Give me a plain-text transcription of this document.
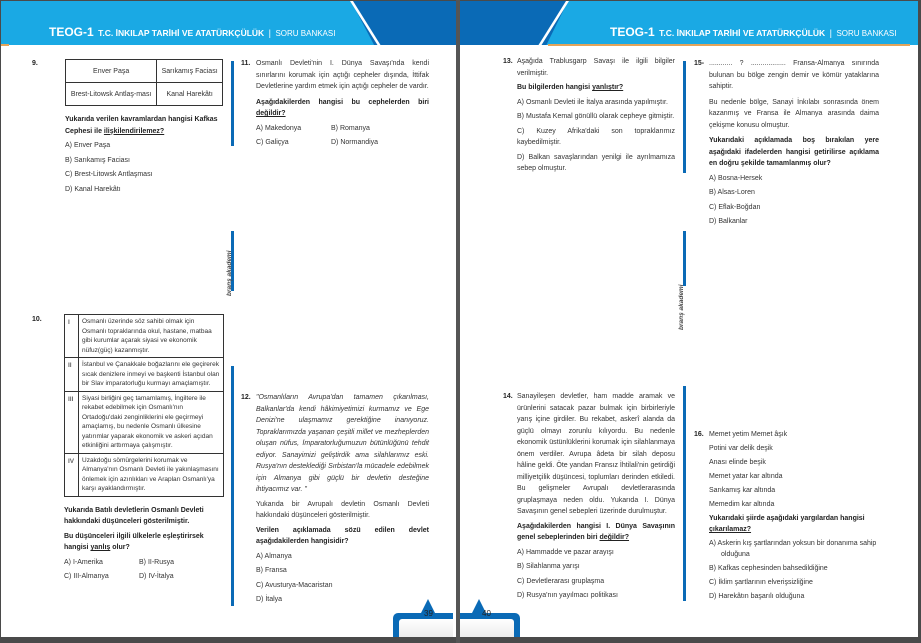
TEOG-1 T.C. İNKILAP TARİHİ VE ATATÜRKÇÜLÜK | SORU BANKASI
9.
Enver Paşa	Sarıkamış Faciası
Brest-Litowsk Antlaş-ması	Kanal Harekâtı
Yukarıda verilen kavramlardan hangisi Kafkas Cephesi ile ilişkilendirilemez?
A) Enver Paşa
B) Sarıkamış Faciası
C) Brest-Litowsk Antlaşması
D) Kanal Harekâtı
branş akademi
10.	I	Osmanlı üzerinde söz sahibi olmak için Osmanlı topraklarında okul, hastane, matbaa gibi kurumlar açarak siyasi ve ekonomik nüfuz(güç) kazanmıştır.
II	İstanbul ve Çanakkale boğazlarını ele geçirerek sıcak denizlere inmeyi ve başkenti İstanbul olan bir Slav imparatorluğu kurmayı amaçlamıştır.
III	Siyasi birliğini geç tamamlamış, İngiltere ile rekabet edebilmek için Osmanlı'nın Ortadoğu'daki zenginliklerini ele geçirmeyi amaçlamış, bu nedenle Osmanlı ülkesine yatırımlar yaparak ekonomik ve askeri açıdan etkinliğini arttırmaya çalışmıştır.
IV	Uzakdoğu sömürgelerini korumak ve Almanya'nın Osmanlı Devleti ile yakınlaşmasını önlemek için azınlıkları ve Arapları Osmanlı'ya karşı ayaklandırmıştır.
Yukarıda Batılı devletlerin Osmanlı Devleti hakkındaki düşünceleri gösterilmiştir.
Bu düşünceleri ilgili ülkelerle eşleştirirsek hangisi yanlış olur?
A) I-Amerika	B) II-Rusya
C) III-Almanya	D) IV-İtalya
11. Osmanlı Devleti'nin I. Dünya Savaşı'nda kendi sınırlarını korumak için açtığı cepheler dışında, İttifak Devletlerine yardım etmek için açtığı cepheler de vardır.
Aşağıdakilerden hangisi bu cephelerden biri değildir?
A) Makedonya	B) Romanya
C) Galiçya	D) Normandiya
12. "Osmanlıların Avrupa'dan tamamen çıkarılması, Balkanlar'da kendi hâkimiyetimizi kurmamız ve Ege Denizi'ne ulaşmamız gerektiğine inanıyoruz. Topraklarımızda yaşanan çeşitli millet ve mezheplerden oluşan nüfus, İmparatorluğumuzun bütünlüğünü tehdit ediyor. Sanayimizi geliştirdik ama silahlarımız eski. Rusya'nın desteklediği Sırbistan'la mücadele edebilmek için Almanya gibi güçlü bir devletin desteğine ihtiyacımız var. "
Yukarıda bir Avrupalı devletin Osmanlı Devleti hakkındaki düşünceleri gösterilmiştir.
Verilen açıklamada sözü edilen devlet aşağıdakilerden hangisidir?
A) Almanya
B) Fransa
C) Avusturya-Macaristan
D) İtalya
39
TEOG-1 T.C. İNKILAP TARİHİ VE ATATÜRKÇÜLÜK | SORU BANKASI
13. Aşağıda Trablusgarp Savaşı ile ilgili bilgiler verilmiştir.
Bu bilgilerden hangisi yanlıştır?
A) Osmanlı Devleti ile İtalya arasında yapılmıştır.
B) Mustafa Kemal gönüllü olarak cepheye gitmiştir.
C) Kuzey Afrika'daki son topraklarımız kaybedilmiştir.
D) Balkan savaşlarından yenilgi ile ayrılmamıza sebep olmuştur.
14. Sanayileşen devletler, ham madde aramak ve ürünlerini satacak pazar bulmak için birbirleriyle yarış içine girdiler. Bu rekabet, askerî alanda da güçlü olmayı zorunlu kılıyordu. Bu nedenle ekonomik üstünlüklerini korumak için silahlanmaya önem verdiler. Avrupa âdeta bir silah deposu hâline geldi. Öte yandan Fransız İhtilali'nin getirdiği milliyetçilik düşüncesi, toplumları derinden etkiledi. Bu gelişmeler Avrupalı devletlerarasında gruplaşmaya neden oldu. Yukarıda I. Dünya Savaşının genel sebepleri üzerinde durulmuştur.
Aşağıdakilerden hangisi I. Dünya Savaşının genel sebeplerinden biri değildir?
A) Hammadde ve pazar arayışı
B) Silahlanma yarışı
C) Devletlerarası gruplaşma
D) Rusya'nın yayılmacı politikası
15- ............ ? .................. Fransa-Almanya sınırında bulunan bu bölge zengin demir ve kömür yataklarına sahiptir.
Bu nedenle bölge, Sanayi İnkılabı sonrasında önem kazanmış ve Fransa ile Almanya arasında daima çekişme konusu olmuştur.
Yukarıdaki açıklamada boş bırakılan yere aşağıdaki ifadelerden hangisi getirilirse açıklama en doğru şekilde tamamlanmış olur?
A) Bosna-Hersek
B) Alsas-Loren
C) Eflak-Boğdan
D) Balkanlar
16. Memet yetim Memet âşık
Potini var delik deşik
Anası elinde beşik
Memet yatar kar altında
Sarıkamış kar altında
Memedim kar altında
Yukarıdaki şiirde aşağıdaki yargılardan hangisi çıkarılamaz?
A) Askerin kış şartlarından yoksun bir donanıma sahip olduğuna
B) Kafkas cephesinden bahsedildiğine
C) İklim şartlarının elverişsizliğine
D) Harekâtın başarılı olduğuna
40
branş akademi
